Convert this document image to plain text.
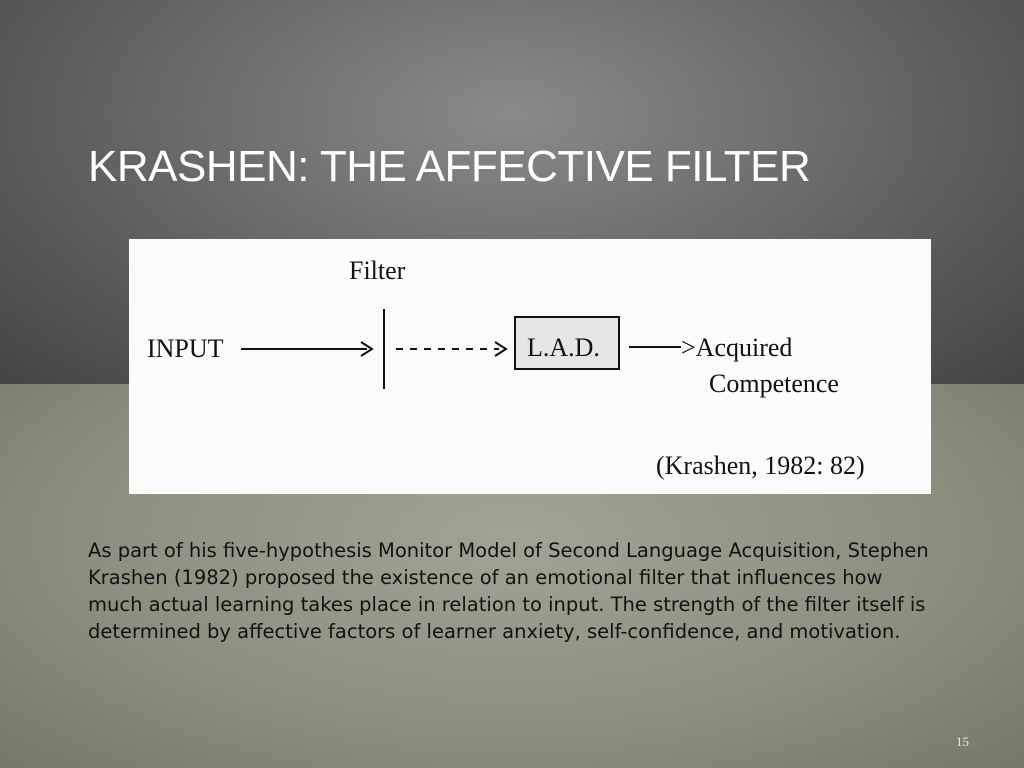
KRASHEN: THE AFFECTIVE FILTER
Filter
INPUT	L.A.D.	>Acquired
Competence
(Krashen, 1982: 82)
As part of his five-hypothesis Monitor Model of Second Language Acquisition, Stephen Krashen (1982) proposed the existence of an emotional filter that influences how much actual learning takes place in relation to input. The strength of the filter itself is determined by affective factors of learner anxiety, self-confidence, and motivation.
15
